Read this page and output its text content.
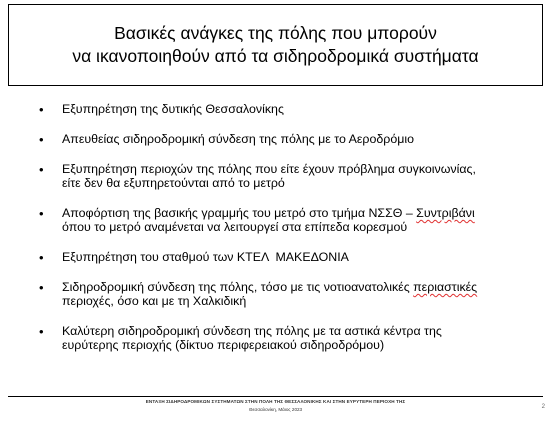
Βασικές ανάγκες της πόλης που μπορούν
να ικανοποιηθούν από τα σιδηροδρομικά συστήματα
• Εξυπηρέτηση της δυτικής Θεσσαλονίκης
• Απευθείας σιδηροδρομική σύνδεση της πόλης με το Αεροδρόμιο
• Εξυπηρέτηση περιοχών της πόλης που είτε έχουν πρόβλημα συγκοινωνίας,
είτε δεν θα εξυπηρετούνται από το μετρό
• Αποφόρτιση της βασικής γραμμής του μετρό στο τμήμα ΝΣΣΘ – Συντριβάνι
όπου το μετρό αναμένεται να λειτουργεί στα επίπεδα κορεσμού
• Εξυπηρέτηση του σταθμού των ΚΤΕΛ  ΜΑΚΕΔΟΝΙΑ
• Σιδηροδρομική σύνδεση της πόλης, τόσο με τις νοτιοανατολικές περιαστικές
περιοχές, όσο και με τη Χαλκιδική
• Καλύτερη σιδηροδρομική σύνδεση της πόλης με τα αστικά κέντρα της
ευρύτερης περιοχής (δίκτυο περιφερειακού σιδηροδρόμου)
ΕΝΤΑΞΗ ΣΙΔΗΡΟΔΡΟΜΙΚΩΝ ΣΥΣΤΗΜΑΤΩΝ ΣΤΗΝ ΠΟΛΗ ΤΗΣ ΘΕΣΣΑΛΟΝΙΚΗΣ ΚΑΙ ΣΤΗΝ ΕΥΡΥΤΕΡΗ ΠΕΡΙΟΧΗ ΤΗΣ
Θεσσαλονίκη, Μάιος 2023	2
